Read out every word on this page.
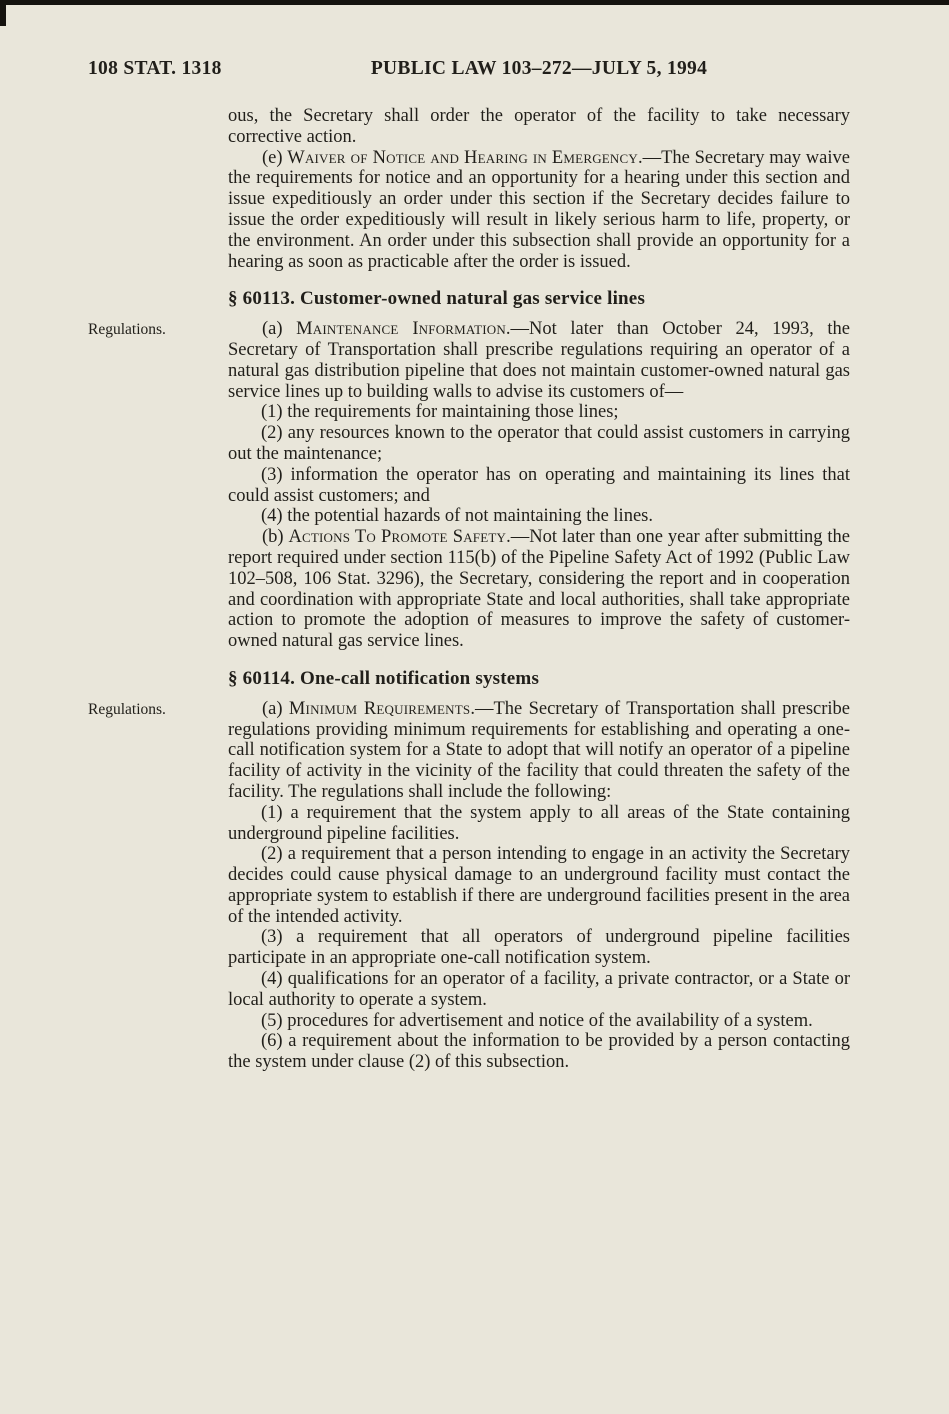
108 STAT. 1318	PUBLIC LAW 103–272—JULY 5, 1994

ous, the Secretary shall order the operator of the facility to take necessary corrective action.

(e) Waiver of Notice and Hearing in Emergency.—The Secretary may waive the requirements for notice and an opportunity for a hearing under this section and issue expeditiously an order under this section if the Secretary decides failure to issue the order expeditiously will result in likely serious harm to life, property, or the environment. An order under this subsection shall provide an opportunity for a hearing as soon as practicable after the order is issued.

§ 60113. Customer-owned natural gas service lines
Regulations.	(a) Maintenance Information.—Not later than October 24, 1993, the Secretary of Transportation shall prescribe regulations requiring an operator of a natural gas distribution pipeline that does not maintain customer-owned natural gas service lines up to building walls to advise its customers of—

(1) the requirements for maintaining those lines;

(2) any resources known to the operator that could assist customers in carrying out the maintenance;

(3) information the operator has on operating and maintaining its lines that could assist customers; and

(4) the potential hazards of not maintaining the lines.

(b) Actions To Promote Safety.—Not later than one year after submitting the report required under section 115(b) of the Pipeline Safety Act of 1992 (Public Law 102–508, 106 Stat. 3296), the Secretary, considering the report and in cooperation and coordination with appropriate State and local authorities, shall take appropriate action to promote the adoption of measures to improve the safety of customer-owned natural gas service lines.

§ 60114. One-call notification systems
Regulations.	(a) Minimum Requirements.—The Secretary of Transportation shall prescribe regulations providing minimum requirements for establishing and operating a one-call notification system for a State to adopt that will notify an operator of a pipeline facility of activity in the vicinity of the facility that could threaten the safety of the facility. The regulations shall include the following:

(1) a requirement that the system apply to all areas of the State containing underground pipeline facilities.

(2) a requirement that a person intending to engage in an activity the Secretary decides could cause physical damage to an underground facility must contact the appropriate system to establish if there are underground facilities present in the area of the intended activity.

(3) a requirement that all operators of underground pipeline facilities participate in an appropriate one-call notification system.

(4) qualifications for an operator of a facility, a private contractor, or a State or local authority to operate a system.

(5) procedures for advertisement and notice of the availability of a system.

(6) a requirement about the information to be provided by a person contacting the system under clause (2) of this subsection.
